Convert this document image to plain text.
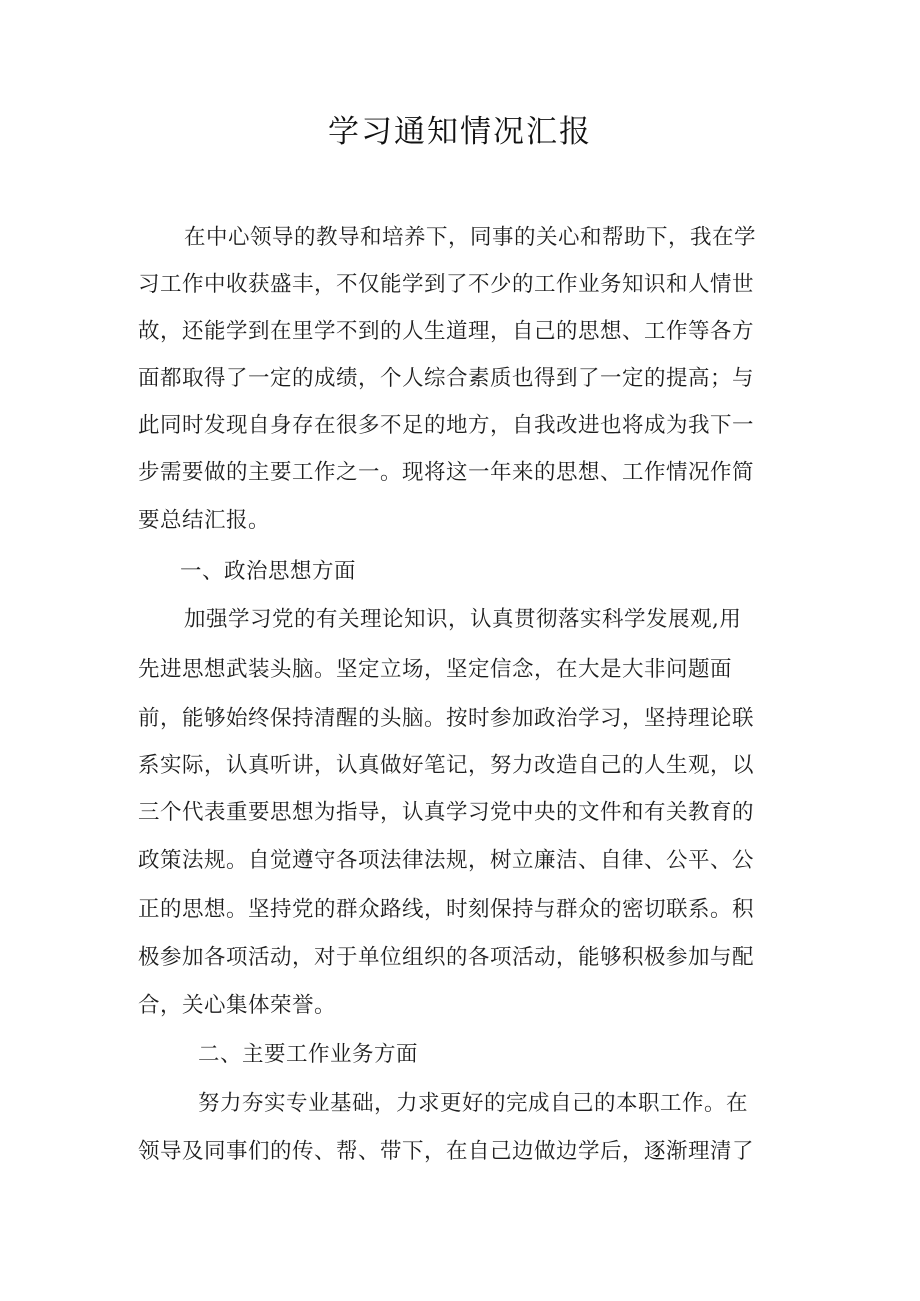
学习通知情况汇报
在中心领导的教导和培养下，同事的关心和帮助下，我在学
习工作中收获盛丰，不仅能学到了不少的工作业务知识和人情世
故，还能学到在里学不到的人生道理，自己的思想、工作等各方
面都取得了一定的成绩，个人综合素质也得到了一定的提高；与
此同时发现自身存在很多不足的地方，自我改进也将成为我下一
步需要做的主要工作之一。现将这一年来的思想、工作情况作简
要总结汇报。
一、政治思想方面
加强学习党的有关理论知识，认真贯彻落实科学发展观,用
先进思想武装头脑。坚定立场，坚定信念，在大是大非问题面
前，能够始终保持清醒的头脑。按时参加政治学习，坚持理论联
系实际，认真听讲，认真做好笔记，努力改造自己的人生观，以
三个代表重要思想为指导，认真学习党中央的文件和有关教育的
政策法规。自觉遵守各项法律法规，树立廉洁、自律、公平、公
正的思想。坚持党的群众路线，时刻保持与群众的密切联系。积
极参加各项活动，对于单位组织的各项活动，能够积极参加与配
合，关心集体荣誉。
二、主要工作业务方面
努力夯实专业基础，力求更好的完成自己的本职工作。在
领导及同事们的传、帮、带下，在自己边做边学后，逐渐理清了
